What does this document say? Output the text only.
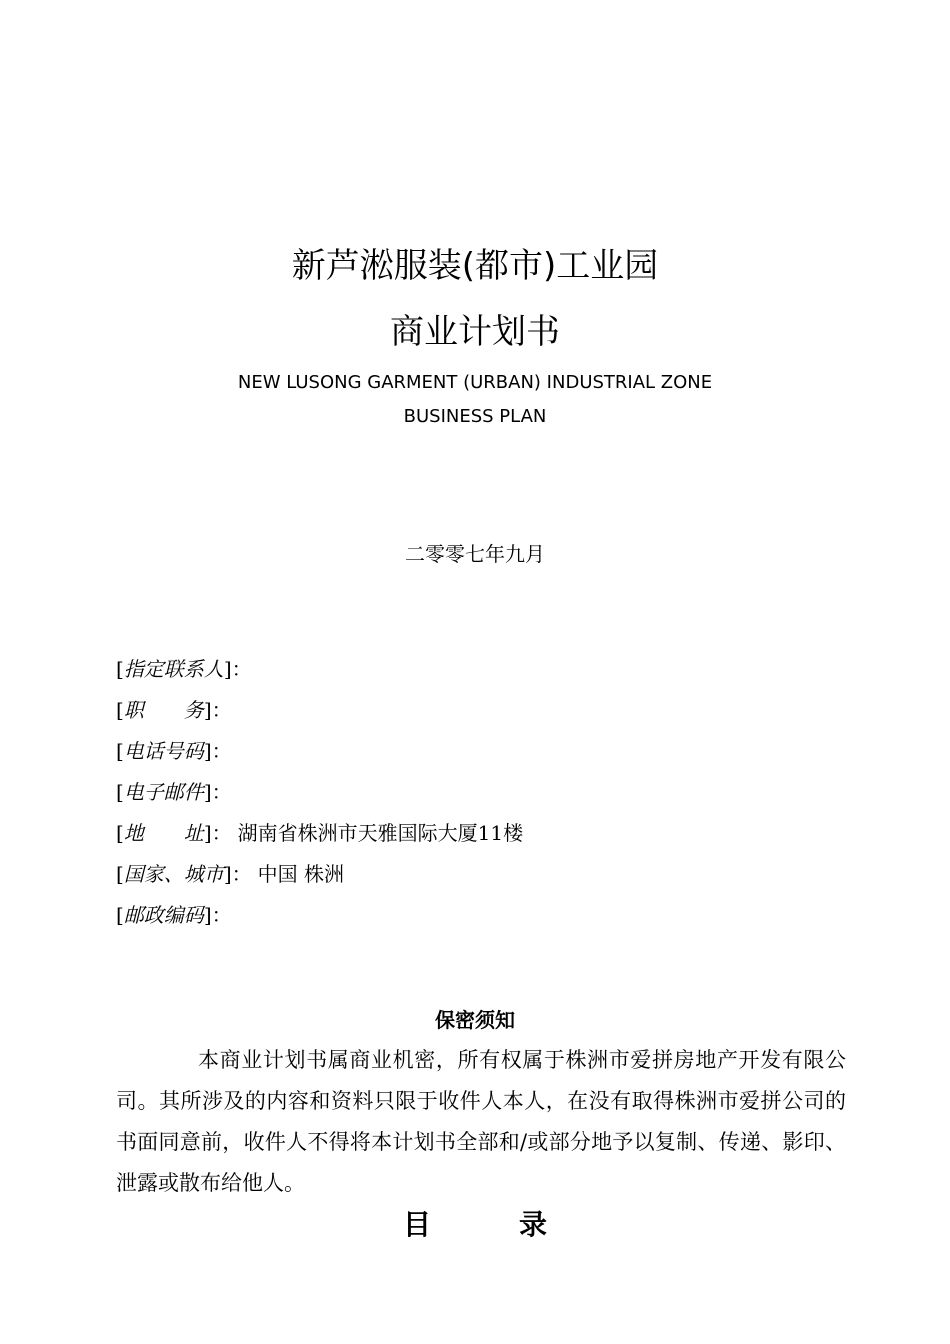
新芦淞服装(都市)工业园
商业计划书
NEW LUSONG GARMENT (URBAN) INDUSTRIAL ZONE
BUSINESS PLAN
二零零七年九月
[指定联系人]：
[职　　务]：
[电话号码]：
[电子邮件]：
[地　　址]： 湖南省株洲市天雅国际大厦11楼
[国家、城市]： 中国 株洲
[邮政编码]：
保密须知
本商业计划书属商业机密，所有权属于株洲市爱拼房地产开发有限公司。其所涉及的内容和资料只限于收件人本人，在没有取得株洲市爱拼公司的书面同意前，收件人不得将本计划书全部和/或部分地予以复制、传递、影印、泄露或散布给他人。
目录
